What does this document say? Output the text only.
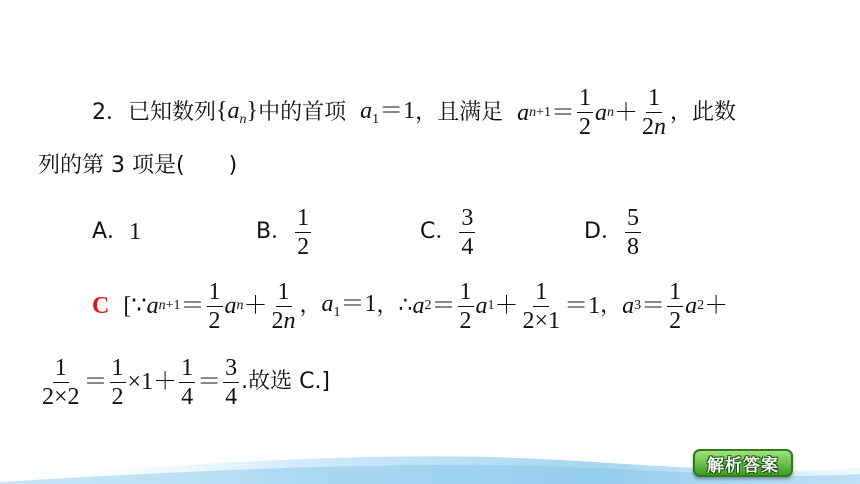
2． 已知数列 $\{a_n\}$ 中的首项 $a_1=1$ ，且满足 a $n+1 = \frac{1}{2}$ a $n + \frac{1}{2n}$ ，此数
列的第 3 项是( )
A． 1	B． $\frac{1}{2}$	C． $\frac{3}{4}$	D． $\frac{5}{8}$
C [∵ a $n+1 = \frac{1}{2}$ a $n + \frac{1}{2n}$ ， $a_1=1$ ，∴ a $2 = \frac{1}{2}$ a $1 + \frac{1}{2\times 1} =1$ ， a $3 = \frac{1}{2}$ a 2 ＋
$\frac{1}{2\times 2} = \frac{1}{2} \times 1+ \frac{1}{4} = \frac{3}{4}$ .故选 C.]
解析答案
